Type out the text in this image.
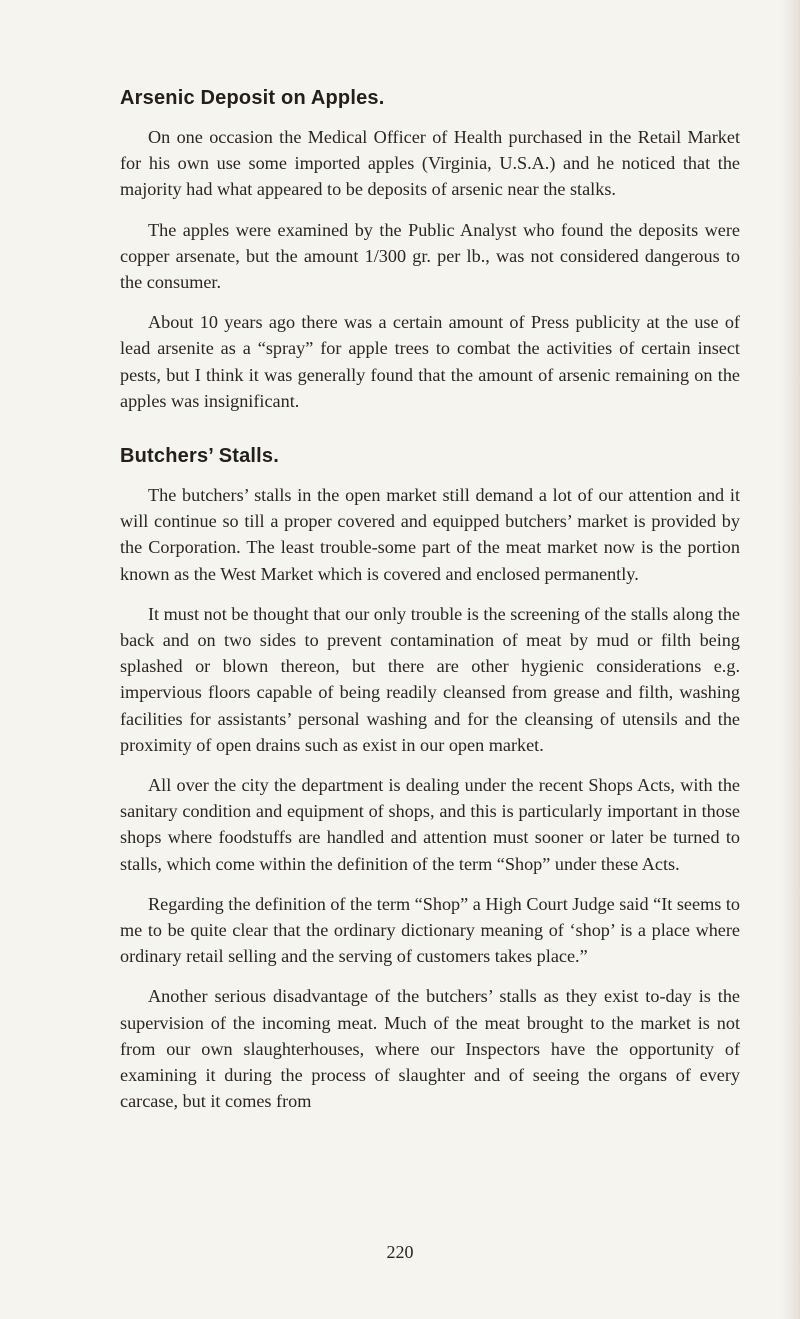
Arsenic Deposit on Apples.

On one occasion the Medical Officer of Health purchased in the Retail Market for his own use some imported apples (Virginia, U.S.A.) and he noticed that the majority had what appeared to be deposits of arsenic near the stalks.

The apples were examined by the Public Analyst who found the deposits were copper arsenate, but the amount 1/300 gr. per lb., was not considered dangerous to the consumer.

About 10 years ago there was a certain amount of Press publicity at the use of lead arsenite as a “spray” for apple trees to combat the activities of certain insect pests, but I think it was generally found that the amount of arsenic remaining on the apples was insignificant.

Butchers’ Stalls.

The butchers’ stalls in the open market still demand a lot of our attention and it will continue so till a proper covered and equipped butchers’ market is provided by the Corporation. The least trouble-some part of the meat market now is the portion known as the West Market which is covered and enclosed permanently.

It must not be thought that our only trouble is the screening of the stalls along the back and on two sides to prevent contamination of meat by mud or filth being splashed or blown thereon, but there are other hygienic considerations e.g. impervious floors capable of being readily cleansed from grease and filth, washing facilities for assistants’ personal washing and for the cleansing of utensils and the proximity of open drains such as exist in our open market.

All over the city the department is dealing under the recent Shops Acts, with the sanitary condition and equipment of shops, and this is particularly important in those shops where foodstuffs are handled and attention must sooner or later be turned to stalls, which come within the definition of the term “Shop” under these Acts.

Regarding the definition of the term “Shop” a High Court Judge said “It seems to me to be quite clear that the ordinary dictionary meaning of ‘shop’ is a place where ordinary retail selling and the serving of customers takes place.”

Another serious disadvantage of the butchers’ stalls as they exist to-day is the supervision of the incoming meat. Much of the meat brought to the market is not from our own slaughterhouses, where our Inspectors have the opportunity of examining it during the process of slaughter and of seeing the organs of every carcase, but it comes from

220
